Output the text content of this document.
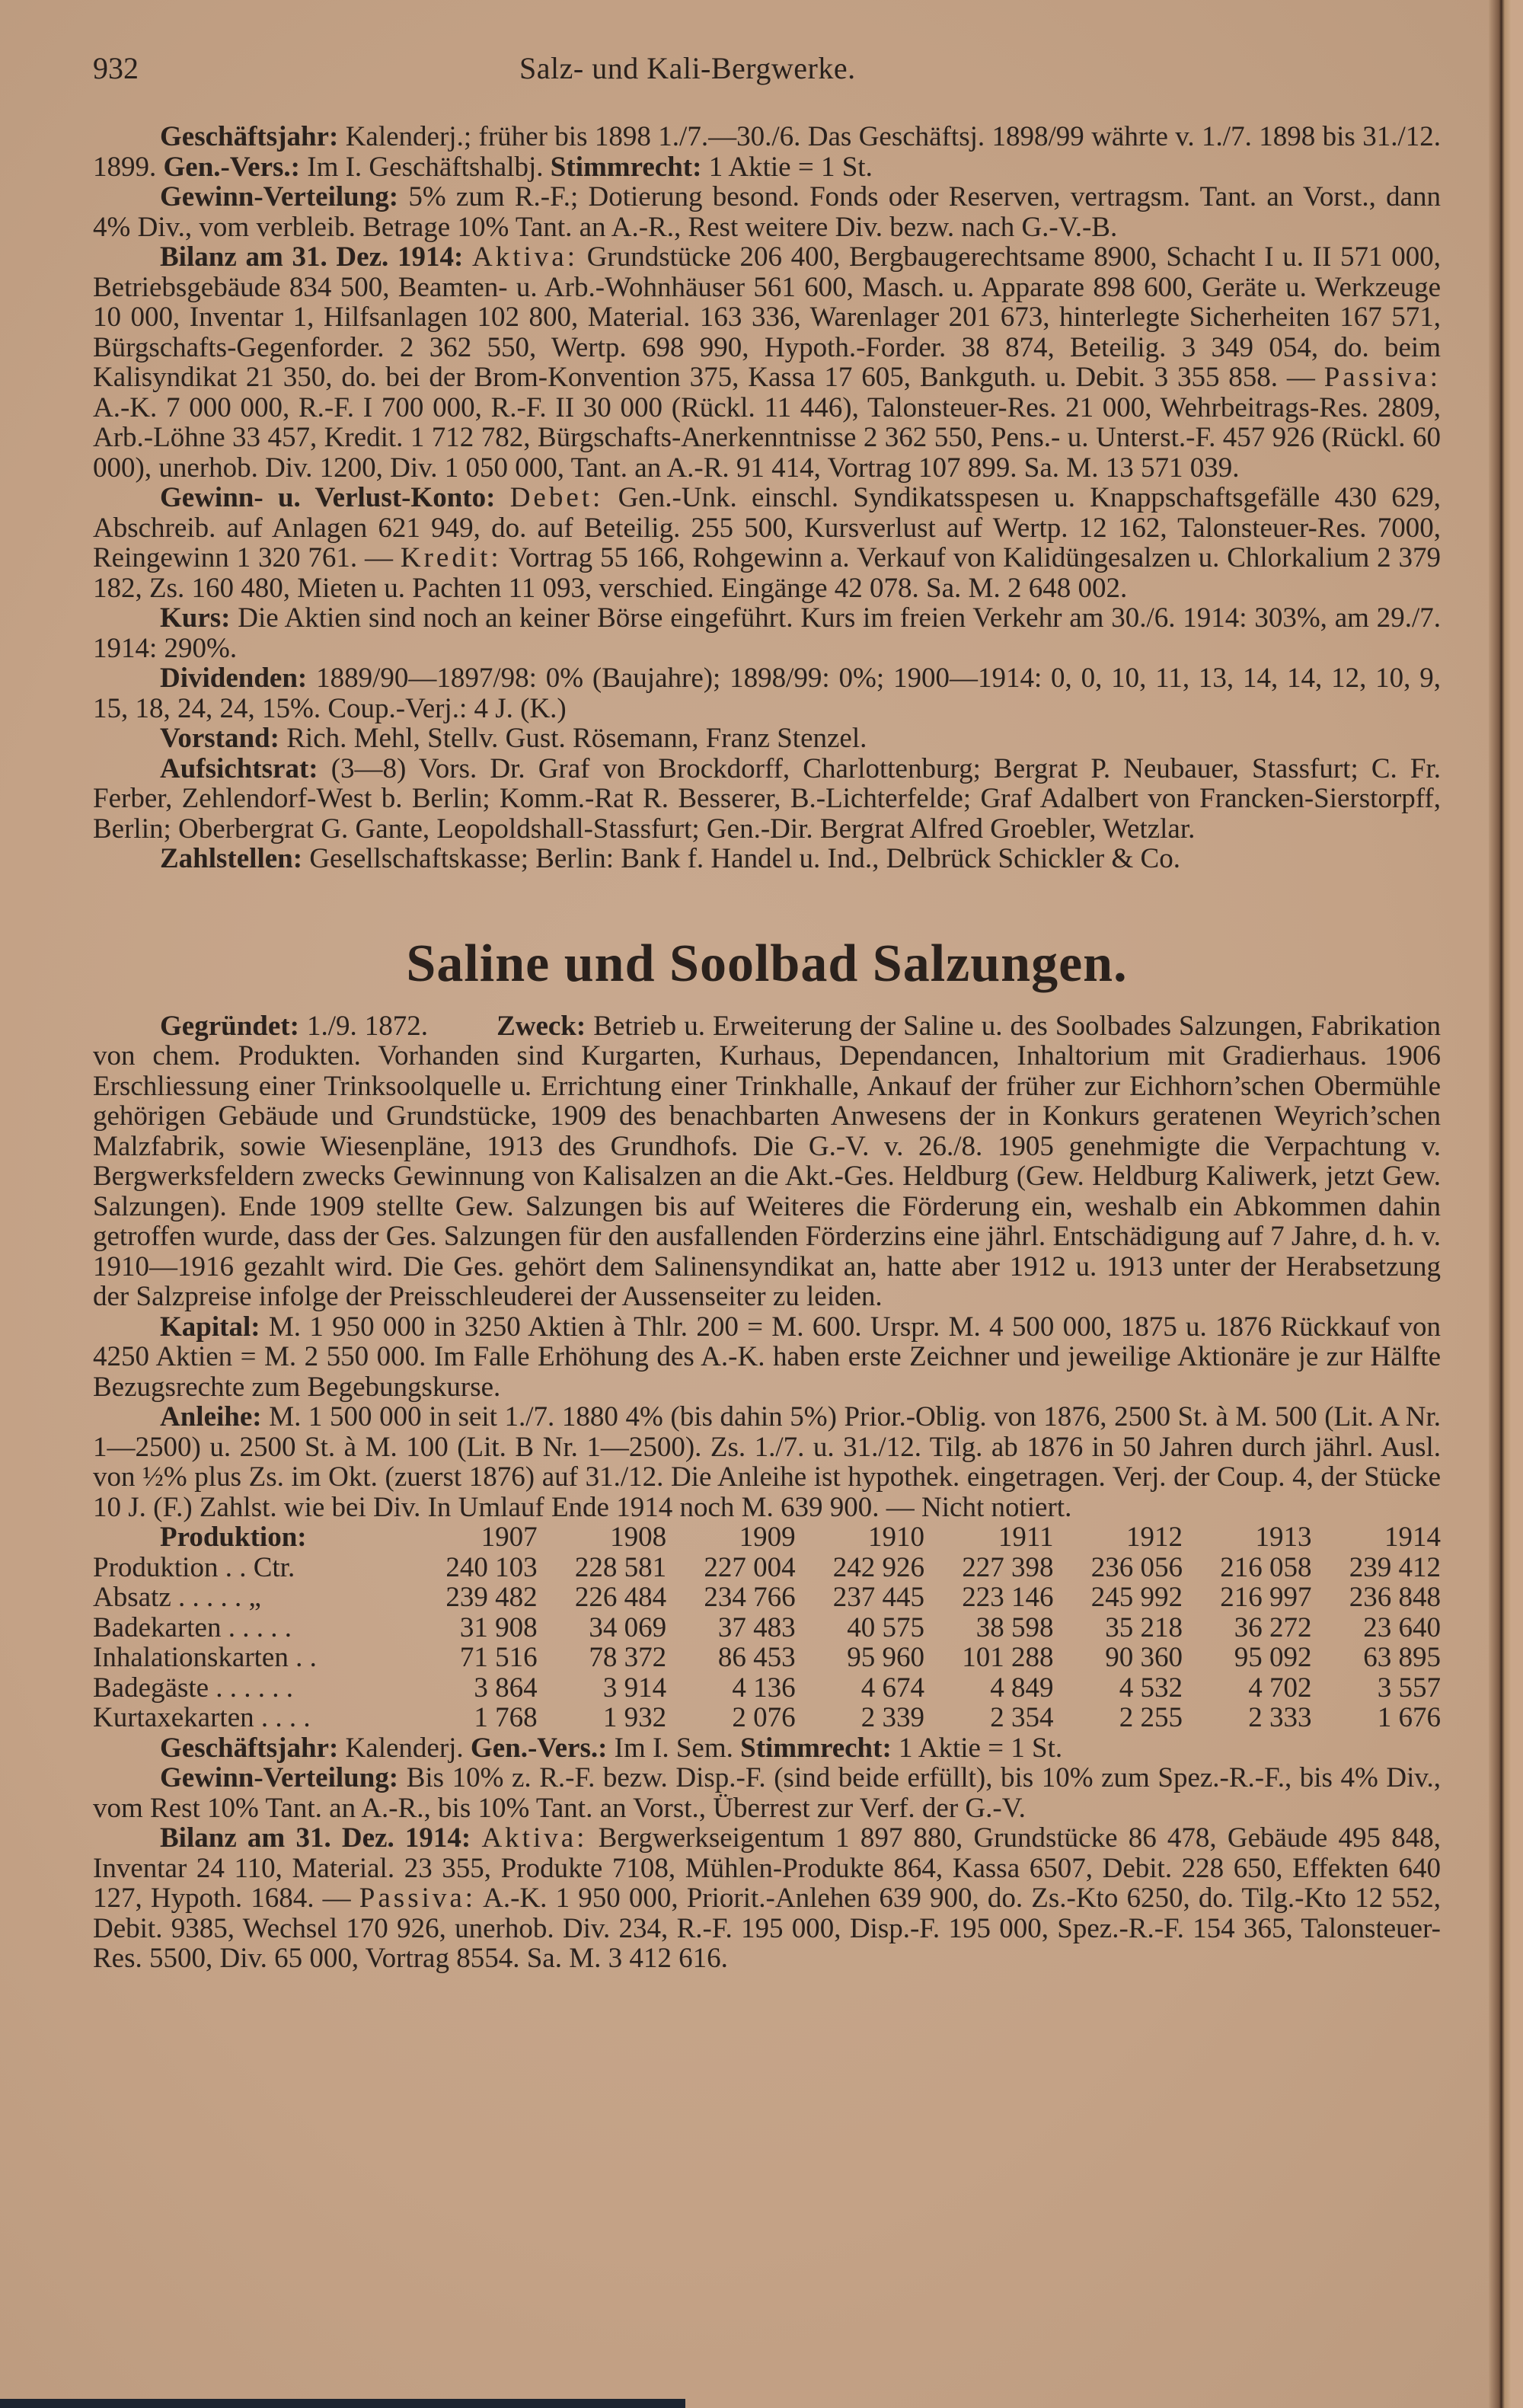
932	Salz- und Kali-Bergwerke.

Geschäftsjahr: Kalenderj.; früher bis 1898 1./7.—30./6. Das Geschäftsj. 1898/99 währte v. 1./7. 1898 bis 31./12. 1899. Gen.-Vers.: Im I. Geschäftshalbj. Stimmrecht: 1 Aktie = 1 St.

Gewinn-Verteilung: 5% zum R.-F.; Dotierung besond. Fonds oder Reserven, vertragsm. Tant. an Vorst., dann 4% Div., vom verbleib. Betrage 10% Tant. an A.-R., Rest weitere Div. bezw. nach G.-V.-B.

Bilanz am 31. Dez. 1914: Aktiva: Grundstücke 206 400, Bergbaugerechtsame 8900, Schacht I u. II 571 000, Betriebsgebäude 834 500, Beamten- u. Arb.-Wohnhäuser 561 600, Masch. u. Apparate 898 600, Geräte u. Werkzeuge 10 000, Inventar 1, Hilfsanlagen 102 800, Material. 163 336, Warenlager 201 673, hinterlegte Sicherheiten 167 571, Bürgschafts-Gegenforder. 2 362 550, Wertp. 698 990, Hypoth.-Forder. 38 874, Beteilig. 3 349 054, do. beim Kalisyndikat 21 350, do. bei der Brom-Konvention 375, Kassa 17 605, Bankguth. u. Debit. 3 355 858. — Passiva: A.-K. 7 000 000, R.-F. I 700 000, R.-F. II 30 000 (Rückl. 11 446), Talonsteuer-Res. 21 000, Wehrbeitrags-Res. 2809, Arb.-Löhne 33 457, Kredit. 1 712 782, Bürgschafts-Anerkenntnisse 2 362 550, Pens.- u. Unterst.-F. 457 926 (Rückl. 60 000), unerhob. Div. 1200, Div. 1 050 000, Tant. an A.-R. 91 414, Vortrag 107 899. Sa. M. 13 571 039.

Gewinn- u. Verlust-Konto: Debet: Gen.-Unk. einschl. Syndikatsspesen u. Knappschaftsgefälle 430 629, Abschreib. auf Anlagen 621 949, do. auf Beteilig. 255 500, Kursverlust auf Wertp. 12 162, Talonsteuer-Res. 7000, Reingewinn 1 320 761. — Kredit: Vortrag 55 166, Rohgewinn a. Verkauf von Kalidüngesalzen u. Chlorkalium 2 379 182, Zs. 160 480, Mieten u. Pachten 11 093, verschied. Eingänge 42 078. Sa. M. 2 648 002.

Kurs: Die Aktien sind noch an keiner Börse eingeführt. Kurs im freien Verkehr am 30./6. 1914: 303%, am 29./7. 1914: 290%.

Dividenden: 1889/90—1897/98: 0% (Baujahre); 1898/99: 0%; 1900—1914: 0, 0, 10, 11, 13, 14, 14, 12, 10, 9, 15, 18, 24, 24, 15%. Coup.-Verj.: 4 J. (K.)

Vorstand: Rich. Mehl, Stellv. Gust. Rösemann, Franz Stenzel.

Aufsichtsrat: (3—8) Vors. Dr. Graf von Brockdorff, Charlottenburg; Bergrat P. Neubauer, Stassfurt; C. Fr. Ferber, Zehlendorf-West b. Berlin; Komm.-Rat R. Besserer, B.-Lichterfelde; Graf Adalbert von Francken-Sierstorpff, Berlin; Oberbergrat G. Gante, Leopoldshall-Stassfurt; Gen.-Dir. Bergrat Alfred Groebler, Wetzlar.

Zahlstellen: Gesellschaftskasse; Berlin: Bank f. Handel u. Ind., Delbrück Schickler & Co.

Saline und Soolbad Salzungen.

Gegründet: 1./9. 1872. Zweck: Betrieb u. Erweiterung der Saline u. des Soolbades Salzungen, Fabrikation von chem. Produkten. Vorhanden sind Kurgarten, Kurhaus, Dependancen, Inhaltorium mit Gradierhaus. 1906 Erschliessung einer Trinksoolquelle u. Errichtung einer Trinkhalle, Ankauf der früher zur Eichhorn’schen Obermühle gehörigen Gebäude und Grundstücke, 1909 des benachbarten Anwesens der in Konkurs geratenen Weyrich’schen Malzfabrik, sowie Wiesenpläne, 1913 des Grundhofs. Die G.-V. v. 26./8. 1905 genehmigte die Verpachtung v. Bergwerksfeldern zwecks Gewinnung von Kalisalzen an die Akt.-Ges. Heldburg (Gew. Heldburg Kaliwerk, jetzt Gew. Salzungen). Ende 1909 stellte Gew. Salzungen bis auf Weiteres die Förderung ein, weshalb ein Abkommen dahin getroffen wurde, dass der Ges. Salzungen für den ausfallenden Förderzins eine jährl. Entschädigung auf 7 Jahre, d. h. v. 1910—1916 gezahlt wird. Die Ges. gehört dem Salinensyndikat an, hatte aber 1912 u. 1913 unter der Herabsetzung der Salzpreise infolge der Preisschleuderei der Aussenseiter zu leiden.

Kapital: M. 1 950 000 in 3250 Aktien à Thlr. 200 = M. 600. Urspr. M. 4 500 000, 1875 u. 1876 Rückkauf von 4250 Aktien = M. 2 550 000. Im Falle Erhöhung des A.-K. haben erste Zeichner und jeweilige Aktionäre je zur Hälfte Bezugsrechte zum Begebungskurse.

Anleihe: M. 1 500 000 in seit 1./7. 1880 4% (bis dahin 5%) Prior.-Oblig. von 1876, 2500 St. à M. 500 (Lit. A Nr. 1—2500) u. 2500 St. à M. 100 (Lit. B Nr. 1—2500). Zs. 1./7. u. 31./12. Tilg. ab 1876 in 50 Jahren durch jährl. Ausl. von ½% plus Zs. im Okt. (zuerst 1876) auf 31./12. Die Anleihe ist hypothek. eingetragen. Verj. der Coup. 4, der Stücke 10 J. (F.) Zahlst. wie bei Div. In Umlauf Ende 1914 noch M. 639 900. — Nicht notiert.

Produktion:	1907	1908	1909	1910	1911	1912	1913	1914
Produktion . . Ctr.	240 103	228 581	227 004	242 926	227 398	236 056	216 058	239 412
Absatz . . . . . „	239 482	226 484	234 766	237 445	223 146	245 992	216 997	236 848
Badekarten . . . . .	31 908	34 069	37 483	40 575	38 598	35 218	36 272	23 640
Inhalationskarten . .	71 516	78 372	86 453	95 960	101 288	90 360	95 092	63 895
Badegäste . . . . . .	3 864	3 914	4 136	4 674	4 849	4 532	4 702	3 557
Kurtaxekarten . . . .	1 768	1 932	2 076	2 339	2 354	2 255	2 333	1 676

Geschäftsjahr: Kalenderj. Gen.-Vers.: Im I. Sem. Stimmrecht: 1 Aktie = 1 St.

Gewinn-Verteilung: Bis 10% z. R.-F. bezw. Disp.-F. (sind beide erfüllt), bis 10% zum Spez.-R.-F., bis 4% Div., vom Rest 10% Tant. an A.-R., bis 10% Tant. an Vorst., Überrest zur Verf. der G.-V.

Bilanz am 31. Dez. 1914: Aktiva: Bergwerkseigentum 1 897 880, Grundstücke 86 478, Gebäude 495 848, Inventar 24 110, Material. 23 355, Produkte 7108, Mühlen-Produkte 864, Kassa 6507, Debit. 228 650, Effekten 640 127, Hypoth. 1684. — Passiva: A.-K. 1 950 000, Priorit.-Anlehen 639 900, do. Zs.-Kto 6250, do. Tilg.-Kto 12 552, Debit. 9385, Wechsel 170 926, unerhob. Div. 234, R.-F. 195 000, Disp.-F. 195 000, Spez.-R.-F. 154 365, Talonsteuer-Res. 5500, Div. 65 000, Vortrag 8554. Sa. M. 3 412 616.
